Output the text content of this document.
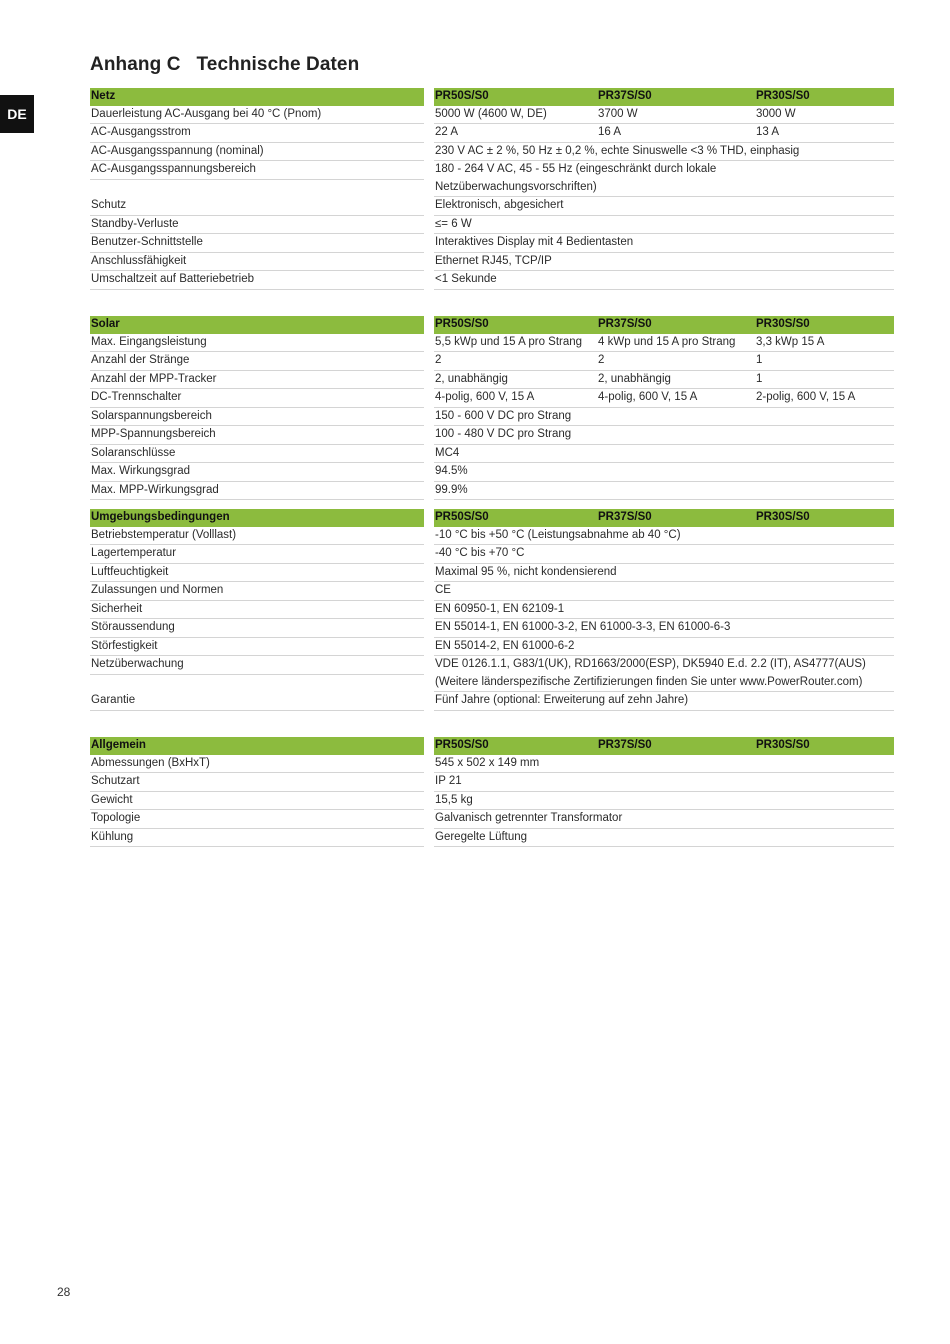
DE
Anhang C Technische Daten
Netz	PR50S/S0	PR37S/S0	PR30S/S0
Dauerleistung AC-Ausgang bei 40 °C (Pnom)	5000 W (4600 W, DE)	3700 W	3000 W
AC-Ausgangsstrom	22 A	16 A	13 A
AC-Ausgangsspannung (nominal)	230 V AC ± 2 %, 50 Hz ± 0,2 %, echte Sinuswelle <3 % THD, einphasig
AC-Ausgangsspannungsbereich	180 - 264 V AC, 45 - 55 Hz (eingeschränkt durch lokale
Netzüberwachungsvorschriften)
Schutz	Elektronisch, abgesichert
Standby-Verluste	≤= 6 W
Benutzer-Schnittstelle	Interaktives Display mit 4 Bedientasten
Anschlussfähigkeit	Ethernet RJ45, TCP/IP
Umschaltzeit auf Batteriebetrieb	<1 Sekunde
Solar	PR50S/S0	PR37S/S0	PR30S/S0
Max. Eingangsleistung	5,5 kWp und 15 A pro Strang	4 kWp und 15 A pro Strang	3,3 kWp 15 A
Anzahl der Stränge	2	2	1
Anzahl der MPP-Tracker	2, unabhängig	2, unabhängig	1
DC-Trennschalter	4-polig, 600 V, 15 A	4-polig, 600 V, 15 A	2-polig, 600 V, 15 A
Solarspannungsbereich	150 - 600 V DC pro Strang
MPP-Spannungsbereich	100 - 480 V DC pro Strang
Solaranschlüsse	MC4
Max. Wirkungsgrad	94.5%
Max. MPP-Wirkungsgrad	99.9%
Umgebungsbedingungen	PR50S/S0	PR37S/S0	PR30S/S0
Betriebstemperatur (Volllast)	-10 °C bis +50 °C (Leistungsabnahme ab 40 °C)
Lagertemperatur	-40 °C bis +70 °C
Luftfeuchtigkeit	Maximal 95 %, nicht kondensierend
Zulassungen und Normen	CE
Sicherheit	EN 60950-1, EN 62109-1
Störaussendung	EN 55014-1, EN 61000-3-2, EN 61000-3-3, EN 61000-6-3
Störfestigkeit	EN 55014-2, EN 61000-6-2
Netzüberwachung	VDE 0126.1.1, G83/1(UK), RD1663/2000(ESP), DK5940 E.d. 2.2 (IT), AS4777(AUS)
(Weitere länderspezifische Zertifizierungen finden Sie unter www.PowerRouter.com)
Garantie	Fünf Jahre (optional: Erweiterung auf zehn Jahre)
Allgemein	PR50S/S0	PR37S/S0	PR30S/S0
Abmessungen (BxHxT)	545 x 502 x 149 mm
Schutzart	IP 21
Gewicht	15,5 kg
Topologie	Galvanisch getrennter Transformator
Kühlung	Geregelte Lüftung
28
